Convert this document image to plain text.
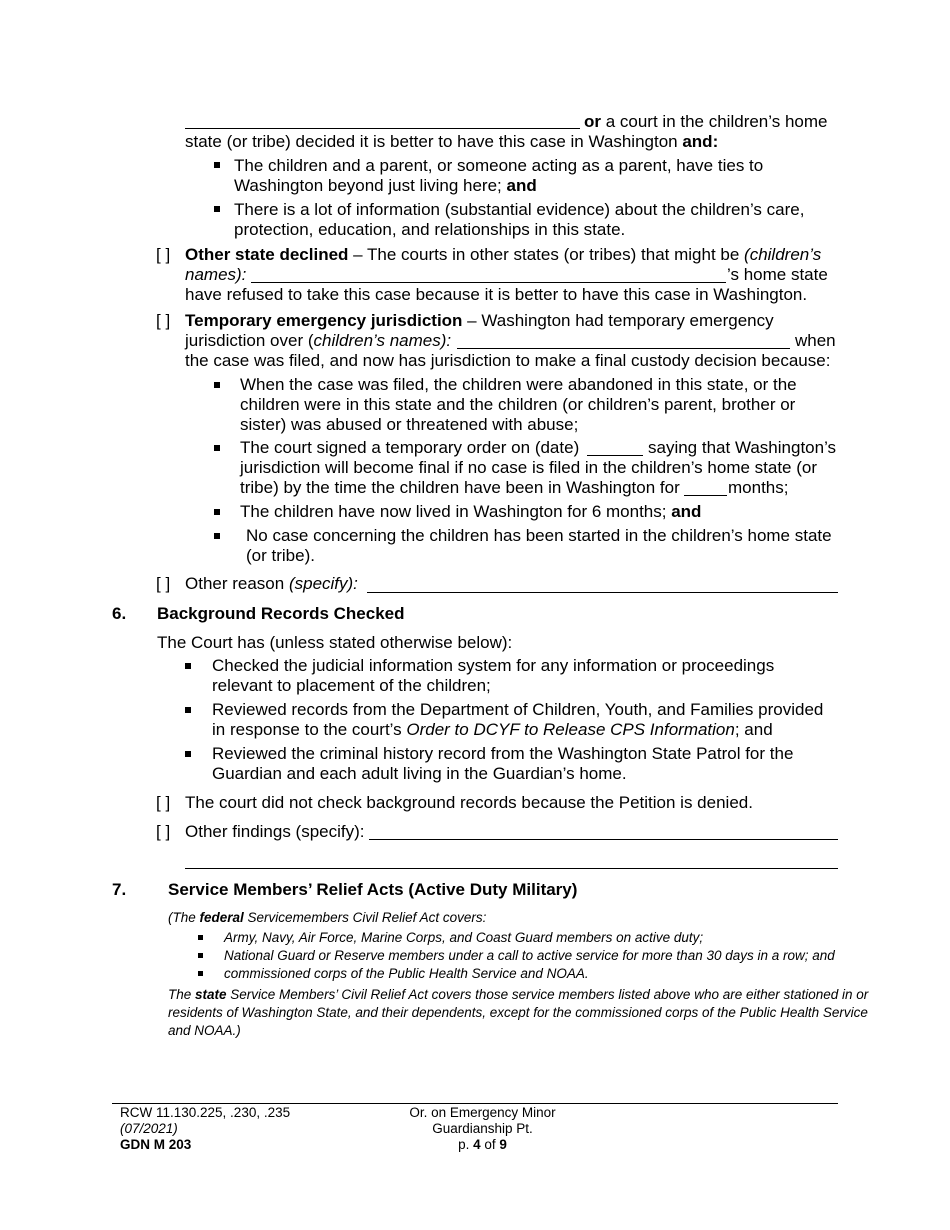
or a court in the children’s home
state (or tribe) decided it is better to have this case in Washington and:
The children and a parent, or someone acting as a parent, have ties to
Washington beyond just living here; and
There is a lot of information (substantial evidence) about the children’s care,
protection, education, and relationships in this state.
[ ] Other state declined – The courts in other states (or tribes) that might be (children’s
names):	’s home state
have refused to take this case because it is better to have this case in Washington.
[ ] Temporary emergency jurisdiction – Washington had temporary emergency
jurisdiction over (children’s names):	when
the case was filed, and now has jurisdiction to make a final custody decision because:
When the case was filed, the children were abandoned in this state, or the
children were in this state and the children (or children’s parent, brother or
sister) was abused or threatened with abuse;
The court signed a temporary order on (date)	saying that Washington’s
jurisdiction will become final if no case is filed in the children’s home state (or
tribe) by the time the children have been in Washington for	months;
The children have now lived in Washington for 6 months; and
No case concerning the children has been started in the children’s home state
(or tribe).
[ ] Other reason (specify):
6. Background Records Checked
The Court has (unless stated otherwise below):
Checked the judicial information system for any information or proceedings
relevant to placement of the children;
Reviewed records from the Department of Children, Youth, and Families provided
in response to the court’s Order to DCYF to Release CPS Information; and
Reviewed the criminal history record from the Washington State Patrol for the
Guardian and each adult living in the Guardian’s home.
[ ] The court did not check background records because the Petition is denied.
[ ] Other findings (specify):
7. Service Members’ Relief Acts (Active Duty Military)
(The federal Servicemembers Civil Relief Act covers:
Army, Navy, Air Force, Marine Corps, and Coast Guard members on active duty;
National Guard or Reserve members under a call to active service for more than 30 days in a row; and
commissioned corps of the Public Health Service and NOAA.
The state Service Members’ Civil Relief Act covers those service members listed above who are either stationed in or
residents of Washington State, and their dependents, except for the commissioned corps of the Public Health Service
and NOAA.)
RCW 11.130.225, .230, .235
(07/2021)
GDN M 203
Or. on Emergency Minor
Guardianship Pt.
p. 4 of 9
